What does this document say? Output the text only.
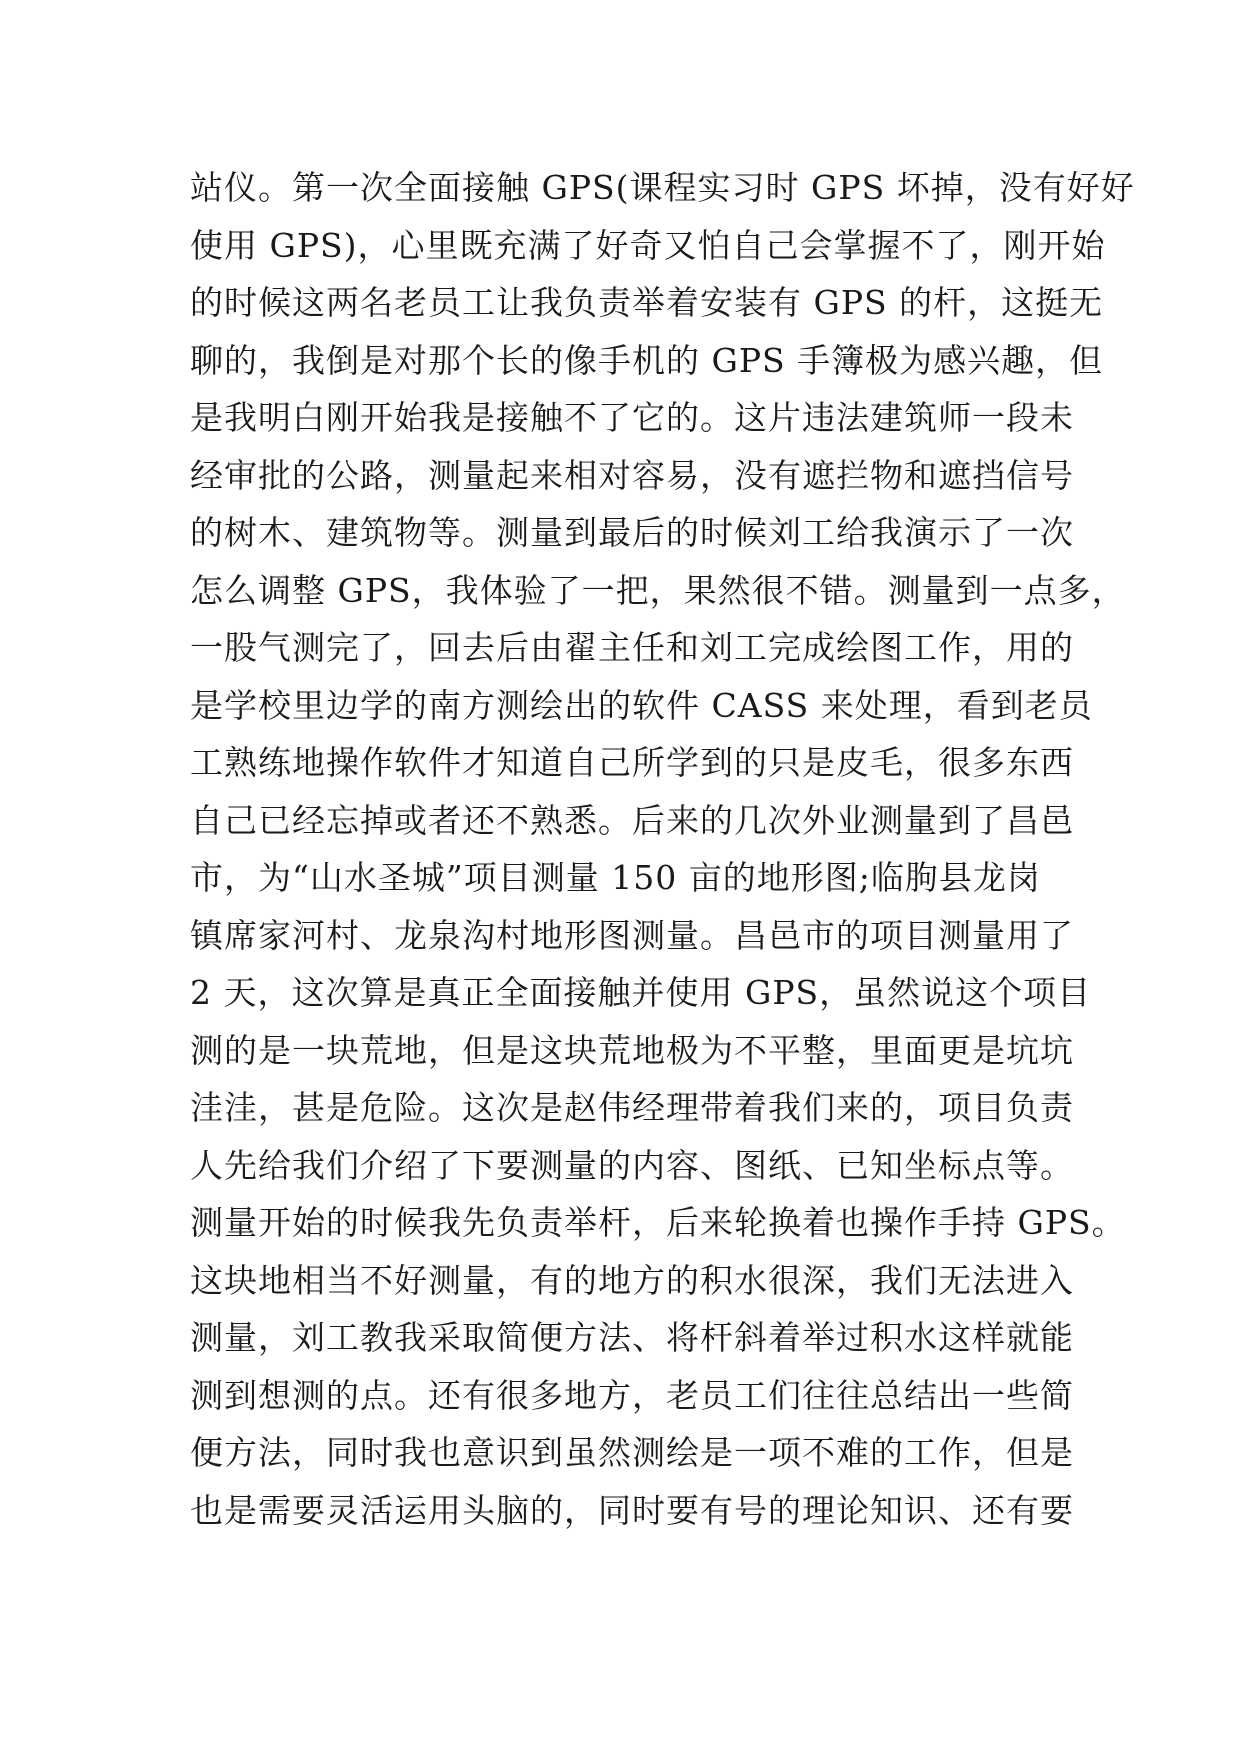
站仪。第一次全面接触 GPS(课程实习时 GPS 坏掉，没有好好
使用 GPS)，心里既充满了好奇又怕自己会掌握不了，刚开始
的时候这两名老员工让我负责举着安装有 GPS 的杆，这挺无
聊的，我倒是对那个长的像手机的 GPS 手簿极为感兴趣，但
是我明白刚开始我是接触不了它的。这片违法建筑师一段未
经审批的公路，测量起来相对容易，没有遮拦物和遮挡信号
的树木、建筑物等。测量到最后的时候刘工给我演示了一次
怎么调整 GPS，我体验了一把，果然很不错。测量到一点多，
一股气测完了，回去后由翟主任和刘工完成绘图工作，用的
是学校里边学的南方测绘出的软件 CASS 来处理，看到老员
工熟练地操作软件才知道自己所学到的只是皮毛，很多东西
自己已经忘掉或者还不熟悉。后来的几次外业测量到了昌邑
市，为“山水圣城”项目测量 150 亩的地形图;临朐县龙岗
镇席家河村、龙泉沟村地形图测量。昌邑市的项目测量用了
2 天，这次算是真正全面接触并使用 GPS，虽然说这个项目
测的是一块荒地，但是这块荒地极为不平整，里面更是坑坑
洼洼，甚是危险。这次是赵伟经理带着我们来的，项目负责
人先给我们介绍了下要测量的内容、图纸、已知坐标点等。
测量开始的时候我先负责举杆，后来轮换着也操作手持 GPS。
这块地相当不好测量，有的地方的积水很深，我们无法进入
测量，刘工教我采取简便方法、将杆斜着举过积水这样就能
测到想测的点。还有很多地方，老员工们往往总结出一些简
便方法，同时我也意识到虽然测绘是一项不难的工作，但是
也是需要灵活运用头脑的，同时要有号的理论知识、还有要
